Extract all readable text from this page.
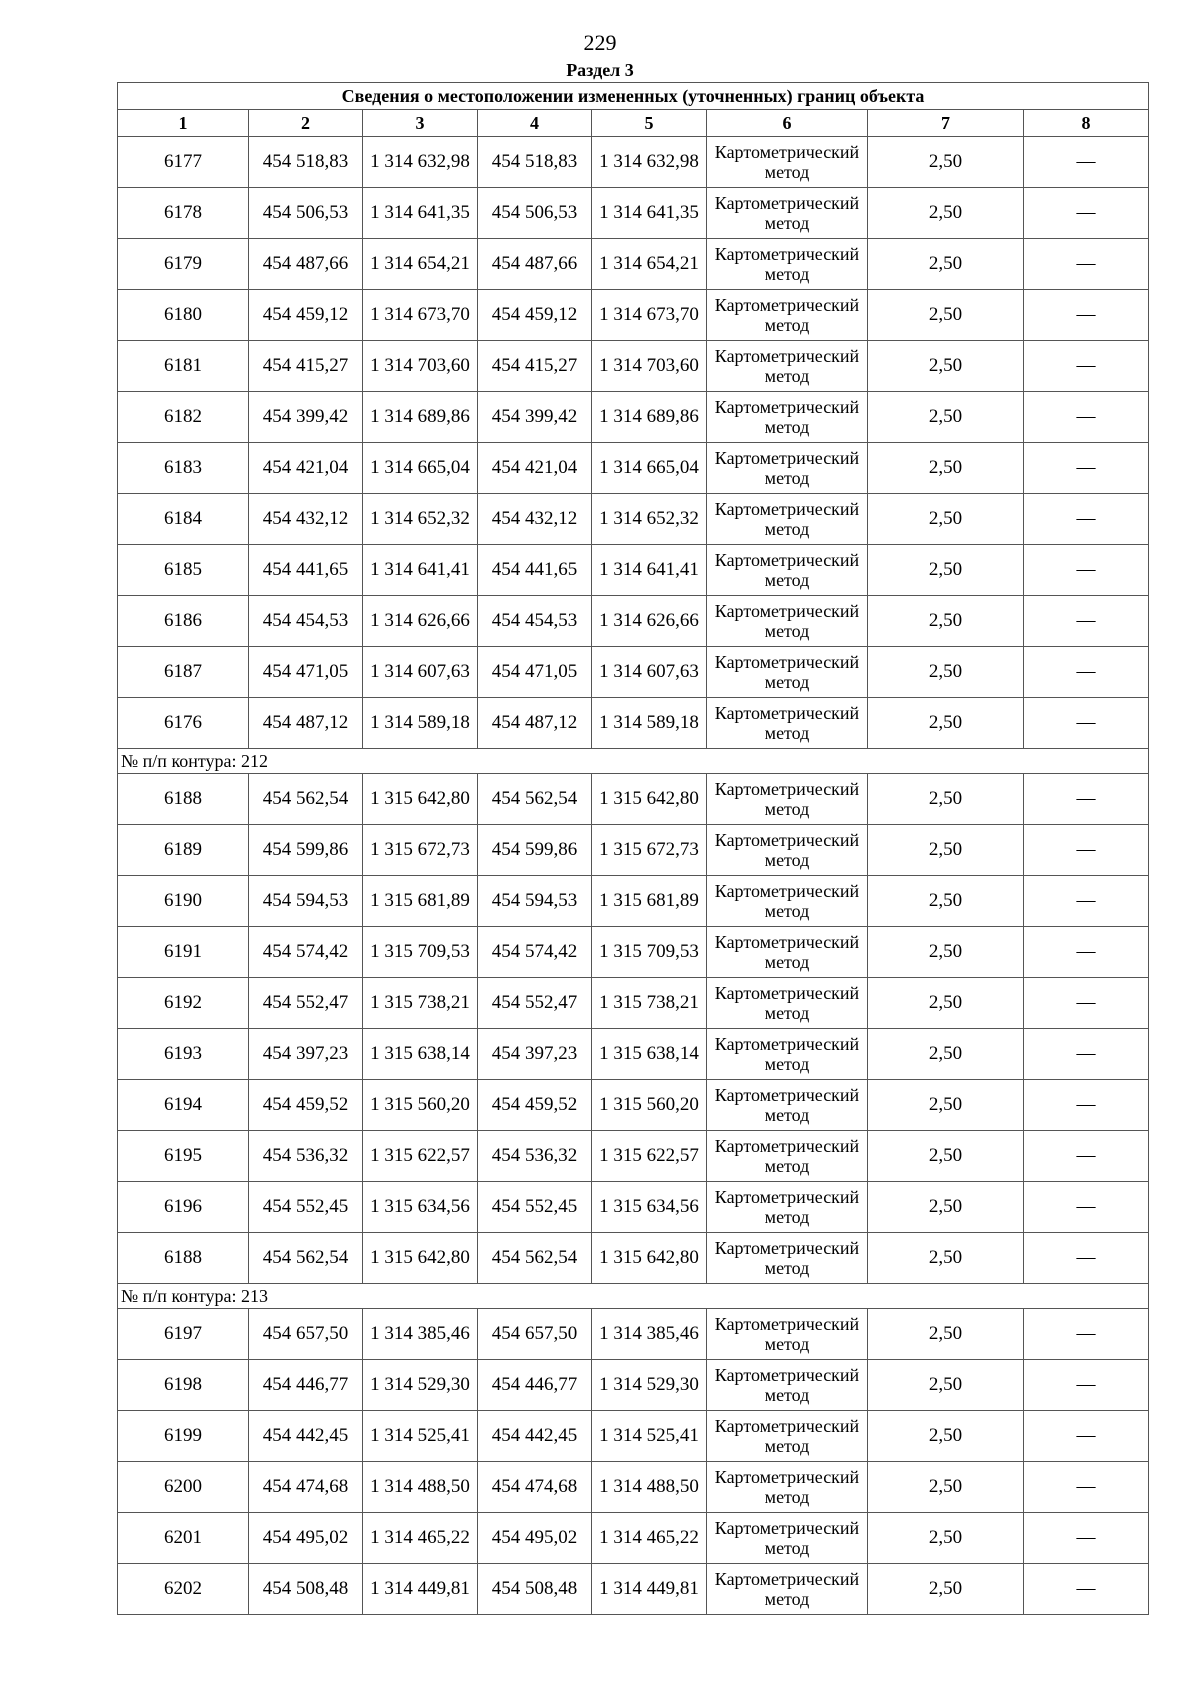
229
Раздел 3
Сведения о местоположении измененных (уточненных) границ объекта							
1	2	3	4	5	6	7	8
6177	454 518,83	1 314 632,98	454 518,83	1 314 632,98	Картометрический метод	2,50	—
6178	454 506,53	1 314 641,35	454 506,53	1 314 641,35	Картометрический метод	2,50	—
6179	454 487,66	1 314 654,21	454 487,66	1 314 654,21	Картометрический метод	2,50	—
6180	454 459,12	1 314 673,70	454 459,12	1 314 673,70	Картометрический метод	2,50	—
6181	454 415,27	1 314 703,60	454 415,27	1 314 703,60	Картометрический метод	2,50	—
6182	454 399,42	1 314 689,86	454 399,42	1 314 689,86	Картометрический метод	2,50	—
6183	454 421,04	1 314 665,04	454 421,04	1 314 665,04	Картометрический метод	2,50	—
6184	454 432,12	1 314 652,32	454 432,12	1 314 652,32	Картометрический метод	2,50	—
6185	454 441,65	1 314 641,41	454 441,65	1 314 641,41	Картометрический метод	2,50	—
6186	454 454,53	1 314 626,66	454 454,53	1 314 626,66	Картометрический метод	2,50	—
6187	454 471,05	1 314 607,63	454 471,05	1 314 607,63	Картометрический метод	2,50	—
6176	454 487,12	1 314 589,18	454 487,12	1 314 589,18	Картометрический метод	2,50	—
№ п/п контура: 212							
6188	454 562,54	1 315 642,80	454 562,54	1 315 642,80	Картометрический метод	2,50	—
6189	454 599,86	1 315 672,73	454 599,86	1 315 672,73	Картометрический метод	2,50	—
6190	454 594,53	1 315 681,89	454 594,53	1 315 681,89	Картометрический метод	2,50	—
6191	454 574,42	1 315 709,53	454 574,42	1 315 709,53	Картометрический метод	2,50	—
6192	454 552,47	1 315 738,21	454 552,47	1 315 738,21	Картометрический метод	2,50	—
6193	454 397,23	1 315 638,14	454 397,23	1 315 638,14	Картометрический метод	2,50	—
6194	454 459,52	1 315 560,20	454 459,52	1 315 560,20	Картометрический метод	2,50	—
6195	454 536,32	1 315 622,57	454 536,32	1 315 622,57	Картометрический метод	2,50	—
6196	454 552,45	1 315 634,56	454 552,45	1 315 634,56	Картометрический метод	2,50	—
6188	454 562,54	1 315 642,80	454 562,54	1 315 642,80	Картометрический метод	2,50	—
№ п/п контура: 213							
6197	454 657,50	1 314 385,46	454 657,50	1 314 385,46	Картометрический метод	2,50	—
6198	454 446,77	1 314 529,30	454 446,77	1 314 529,30	Картометрический метод	2,50	—
6199	454 442,45	1 314 525,41	454 442,45	1 314 525,41	Картометрический метод	2,50	—
6200	454 474,68	1 314 488,50	454 474,68	1 314 488,50	Картометрический метод	2,50	—
6201	454 495,02	1 314 465,22	454 495,02	1 314 465,22	Картометрический метод	2,50	—
6202	454 508,48	1 314 449,81	454 508,48	1 314 449,81	Картометрический метод	2,50	—
